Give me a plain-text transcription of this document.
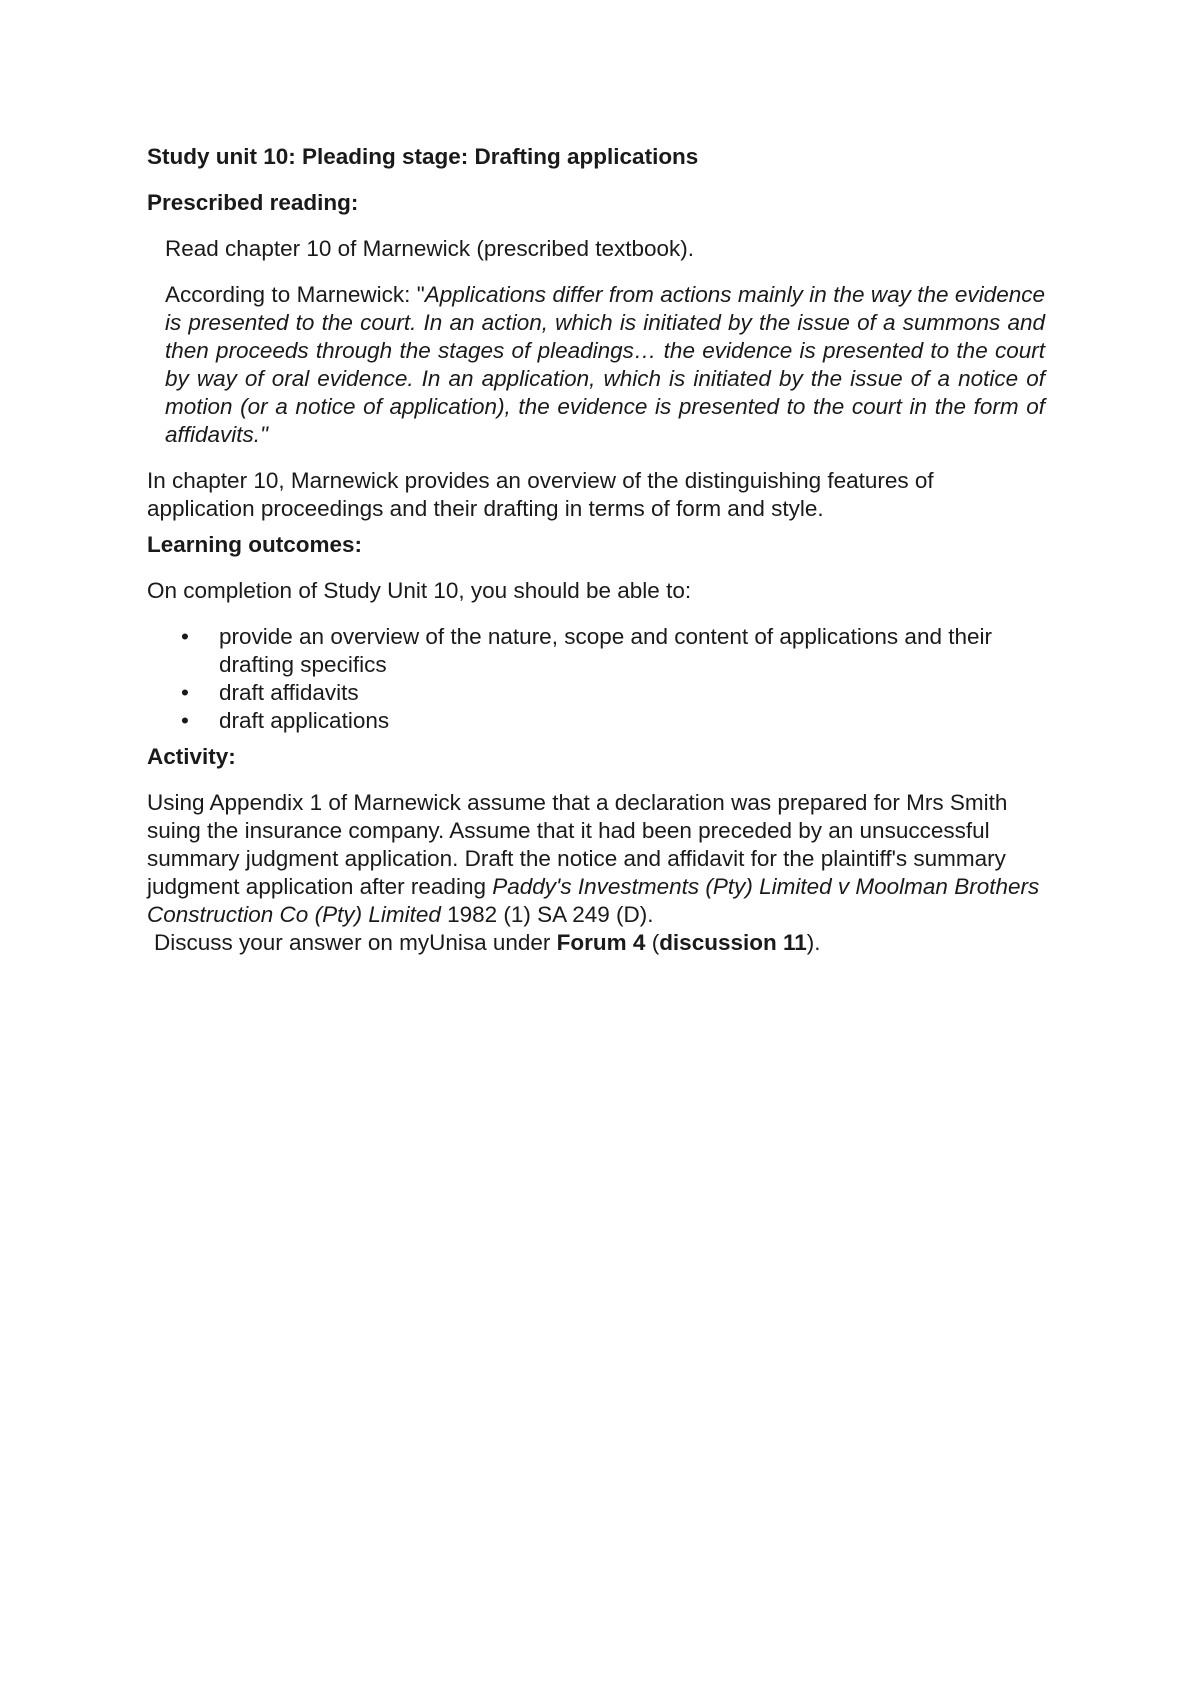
Study unit 10: Pleading stage: Drafting applications

Prescribed reading:

Read chapter 10 of Marnewick (prescribed textbook).

According to Marnewick: "Applications differ from actions mainly in the way the evidence is presented to the court. In an action, which is initiated by the issue of a summons and then proceeds through the stages of pleadings… the evidence is presented to the court by way of oral evidence. In an application, which is initiated by the issue of a notice of motion (or a notice of application), the evidence is presented to the court in the form of affidavits."

In chapter 10, Marnewick provides an overview of the distinguishing features of application proceedings and their drafting in terms of form and style.

Learning outcomes:

On completion of Study Unit 10, you should be able to:

• provide an overview of the nature, scope and content of applications and their drafting specifics
• draft affidavits
• draft applications

Activity:

Using Appendix 1 of Marnewick assume that a declaration was prepared for Mrs Smith suing the insurance company. Assume that it had been preceded by an unsuccessful summary judgment application. Draft the notice and affidavit for the plaintiff's summary judgment application after reading Paddy's Investments (Pty) Limited v Moolman Brothers Construction Co (Pty) Limited 1982 (1) SA 249 (D).

Discuss your answer on myUnisa under Forum 4 (discussion 11).
